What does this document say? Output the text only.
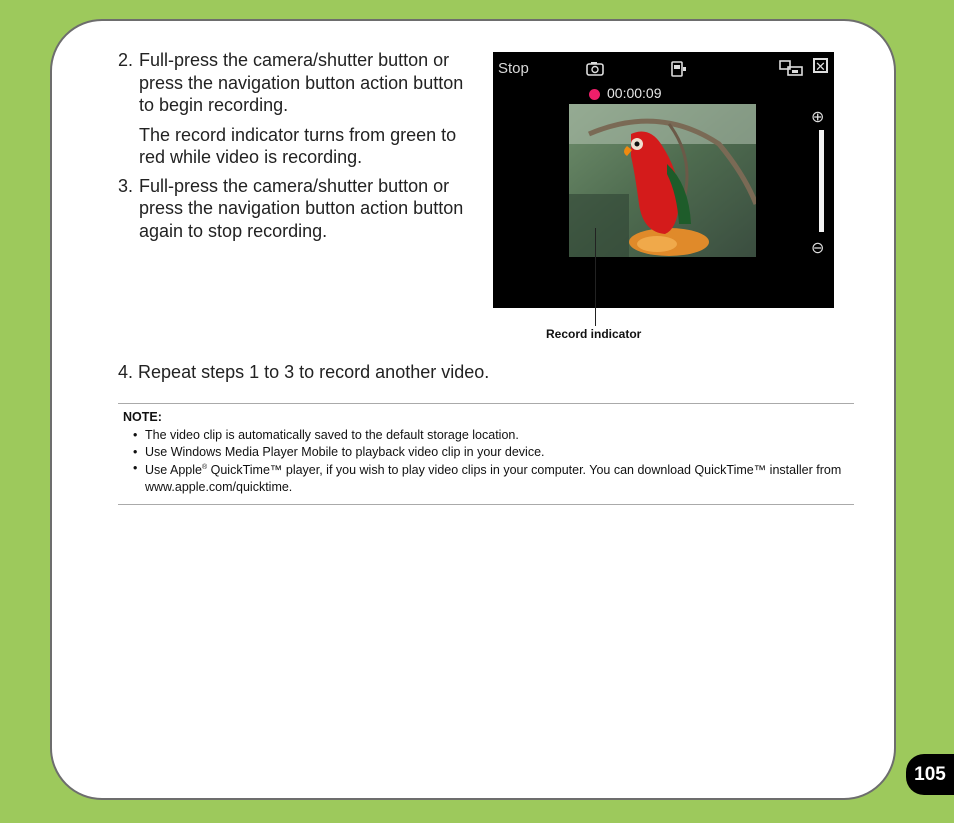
2. Full-press the camera/shutter button or press the navigation button action button to begin recording.

The record indicator turns from green to red while video is recording.

3. Full-press the camera/shutter button or press the navigation button action button again to stop recording.

Stop	✕
00:00:09
⊕
⊖
Record indicator
4. Repeat steps 1 to 3 to record another video.
NOTE:
• The video clip is automatically saved to the default storage location.
• Use Windows Media Player Mobile to playback video clip in your device.
• Use Apple® QuickTime™ player, if you wish to play video clips in your computer. You can download QuickTime™ installer from www.apple.com/quicktime.
105
